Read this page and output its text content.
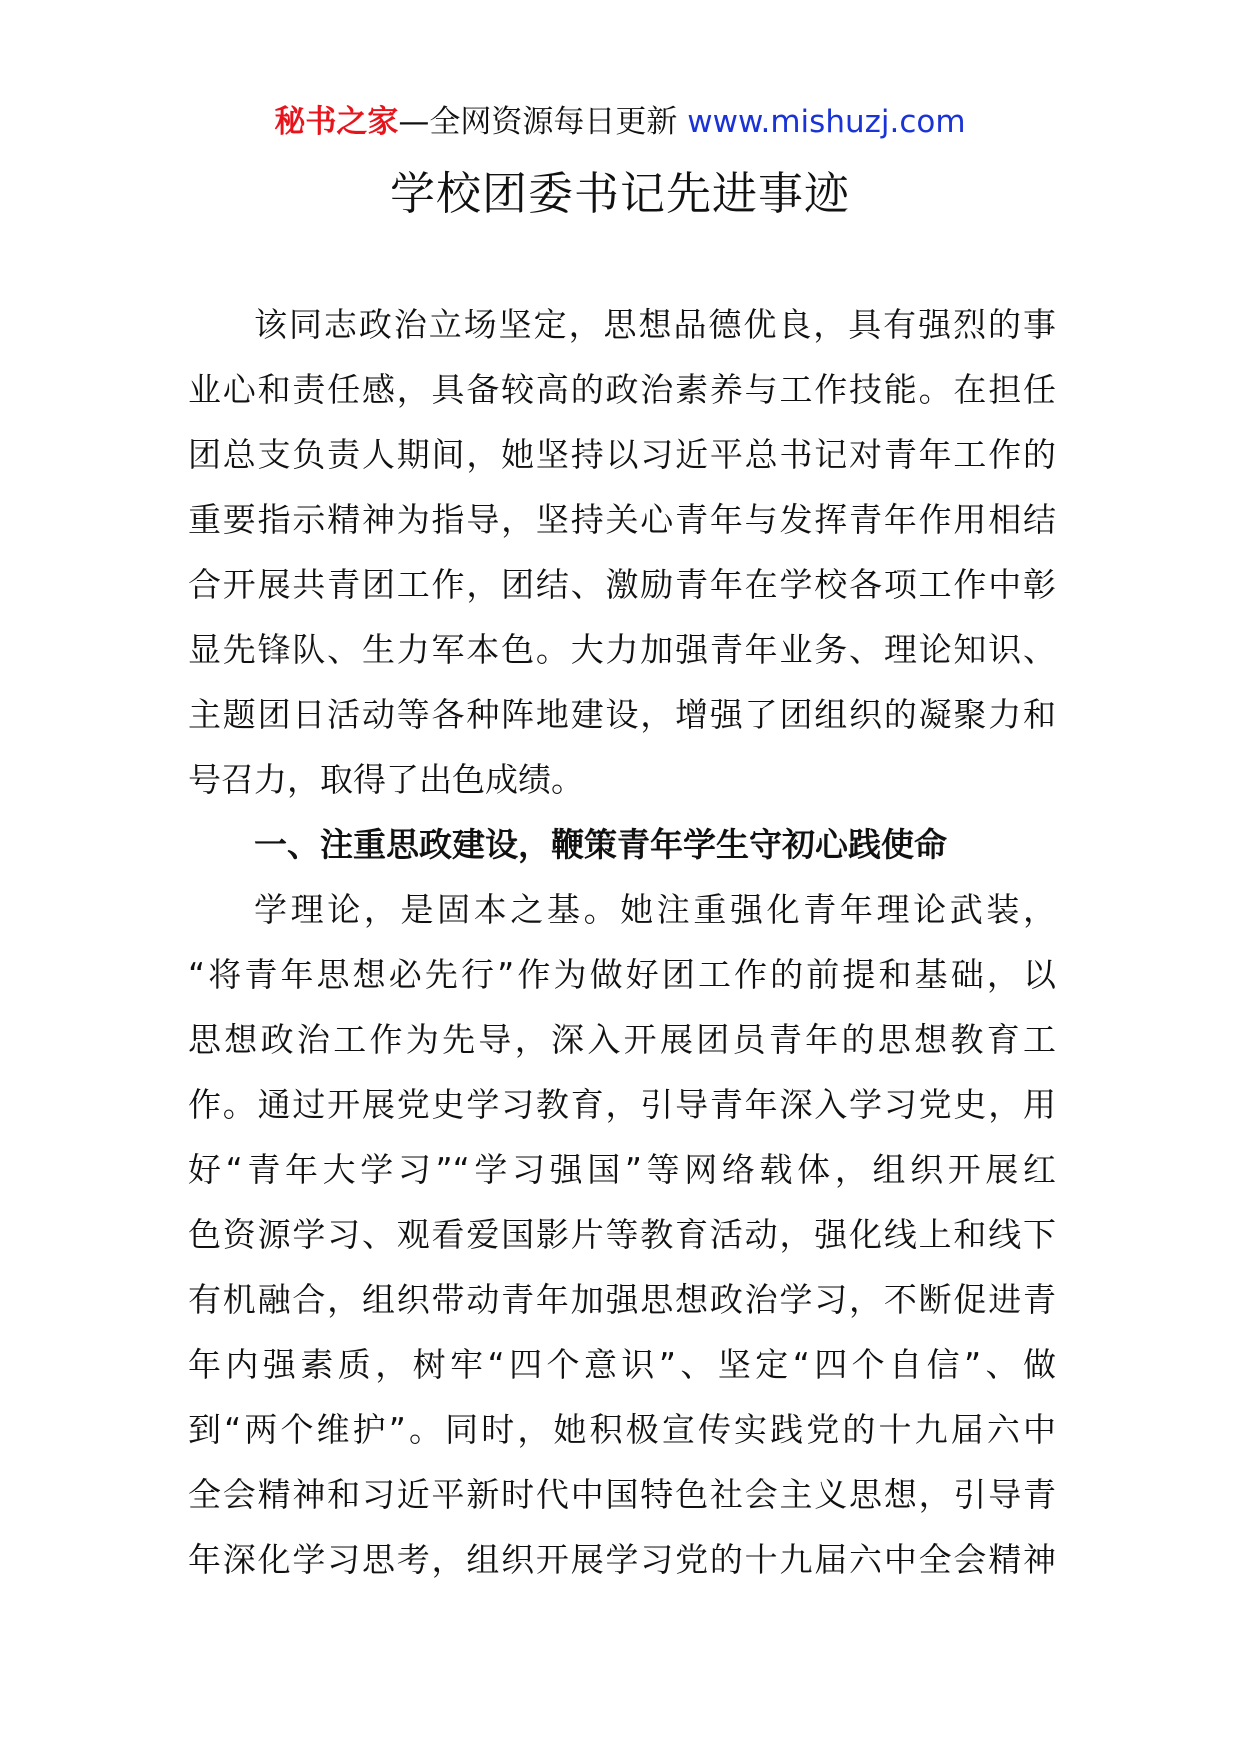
秘书之家—全网资源每日更新 www.mishuzj.com
学校团委书记先进事迹
该同志政治立场坚定，思想品德优良，具有强烈的事
业心和责任感，具备较高的政治素养与工作技能。在担任
团总支负责人期间，她坚持以习近平总书记对青年工作的
重要指示精神为指导，坚持关心青年与发挥青年作用相结
合开展共青团工作，团结、激励青年在学校各项工作中彰
显先锋队、生力军本色。大力加强青年业务、理论知识、
主题团日活动等各种阵地建设，增强了团组织的凝聚力和
号召力，取得了出色成绩。
一、注重思政建设，鞭策青年学生守初心践使命
学理论，是固本之基。她注重强化青年理论武装，
“将青年思想必先行”作为做好团工作的前提和基础，以
思想政治工作为先导，深入开展团员青年的思想教育工
作。通过开展党史学习教育，引导青年深入学习党史，用
好“青年大学习”“学习强国”等网络载体，组织开展红
色资源学习、观看爱国影片等教育活动，强化线上和线下
有机融合，组织带动青年加强思想政治学习，不断促进青
年内强素质，树牢“四个意识”、坚定“四个自信”、做
到“两个维护”。同时，她积极宣传实践党的十九届六中
全会精神和习近平新时代中国特色社会主义思想，引导青
年深化学习思考，组织开展学习党的十九届六中全会精神
